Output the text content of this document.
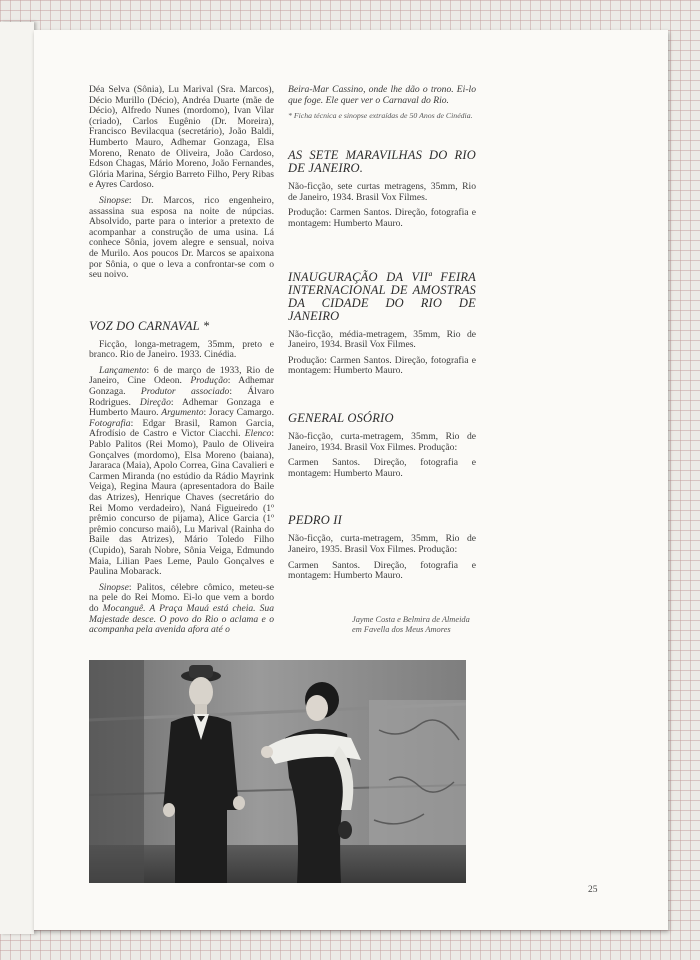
Déa Selva (Sônia), Lu Marival (Sra. Marcos), Décio Murillo (Décio), Andréa Duarte (mãe de Décio), Alfredo Nunes (mordomo), Ivan Vilar (criado), Carlos Eugênio (Dr. Moreira), Francisco Bevilacqua (secretário), João Baldi, Humberto Mauro, Adhemar Gonzaga, Elsa Moreno, Renato de Oliveira, João Cardoso, Edson Chagas, Mário Moreno, João Fernandes, Glória Marina, Sérgio Barreto Filho, Pery Ribas e Ayres Cardoso.

Sinopse: Dr. Marcos, rico engenheiro, assassina sua esposa na noite de núpcias. Absolvido, parte para o interior a pretexto de acompanhar a construção de uma usina. Lá conhece Sônia, jovem alegre e sensual, noiva de Murilo. Aos poucos Dr. Marcos se apaixona por Sônia, o que o leva a confrontar-se com o seu noivo.

VOZ DO CARNAVAL *

Ficção, longa-metragem, 35mm, preto e branco. Rio de Janeiro. 1933. Cinédia.

Lançamento: 6 de março de 1933, Rio de Janeiro, Cine Odeon. Produção: Adhemar Gonzaga. Produtor associado: Álvaro Rodrigues. Direção: Adhemar Gonzaga e Humberto Mauro. Argumento: Joracy Camargo. Fotografia: Edgar Brasil, Ramon Garcia, Afrodísio de Castro e Victor Ciacchi. Elenco: Pablo Palitos (Rei Momo), Paulo de Oliveira Gonçalves (mordomo), Elsa Moreno (baiana), Jararaca (Maia), Apolo Correa, Gina Cavalieri e Carmen Miranda (no estúdio da Rádio Mayrink Veiga), Regina Maura (apresentadora do Baile das Atrizes), Henrique Chaves (secretário do Rei Momo verdadeiro), Naná Figueiredo (1º prêmio concurso de pijama), Alice Garcia (1º prêmio concurso maiô), Lu Marival (Rainha do Baile das Atrizes), Mário Toledo Filho (Cupido), Sarah Nobre, Sônia Veiga, Edmundo Maia, Lilian Paes Leme, Paulo Gonçalves e Paulina Mobarack.

Sinopse: Palitos, célebre cômico, meteu-se na pele do Rei Momo. Ei-lo que vem a bordo do Mocanguê. A Praça Mauá está cheia. Sua Majestade desce. O povo do Rio o aclama e o acompanha pela avenida afora até o

Beira-Mar Cassino, onde lhe dão o trono. Ei-lo que foge. Ele quer ver o Carnaval do Rio.

* Ficha técnica e sinopse extraídas de 50 Anos de Cinédia.

AS SETE MARAVILHAS DO RIO DE JANEIRO.

Não-ficção, sete curtas metragens, 35mm, Rio de Janeiro, 1934. Brasil Vox Filmes.

Produção: Carmen Santos. Direção, fotografia e montagem: Humberto Mauro.

INAUGURAÇÃO DA VIIª FEIRA INTERNACIONAL DE AMOSTRAS DA CIDADE DO RIO DE JANEIRO

Não-ficção, média-metragem, 35mm, Rio de Janeiro, 1934. Brasil Vox Filmes.

Produção: Carmen Santos. Direção, fotografia e montagem: Humberto Mauro.

GENERAL OSÓRIO

Não-ficção, curta-metragem, 35mm, Rio de Janeiro, 1934. Brasil Vox Filmes. Produção:

Carmen Santos. Direção, fotografia e montagem: Humberto Mauro.

PEDRO II

Não-ficção, curta-metragem, 35mm, Rio de Janeiro, 1935. Brasil Vox Filmes. Produção:

Carmen Santos. Direção, fotografia e montagem: Humberto Mauro.

Jayme Costa e Belmira de Almeida em Favella dos Meus Amores
25
